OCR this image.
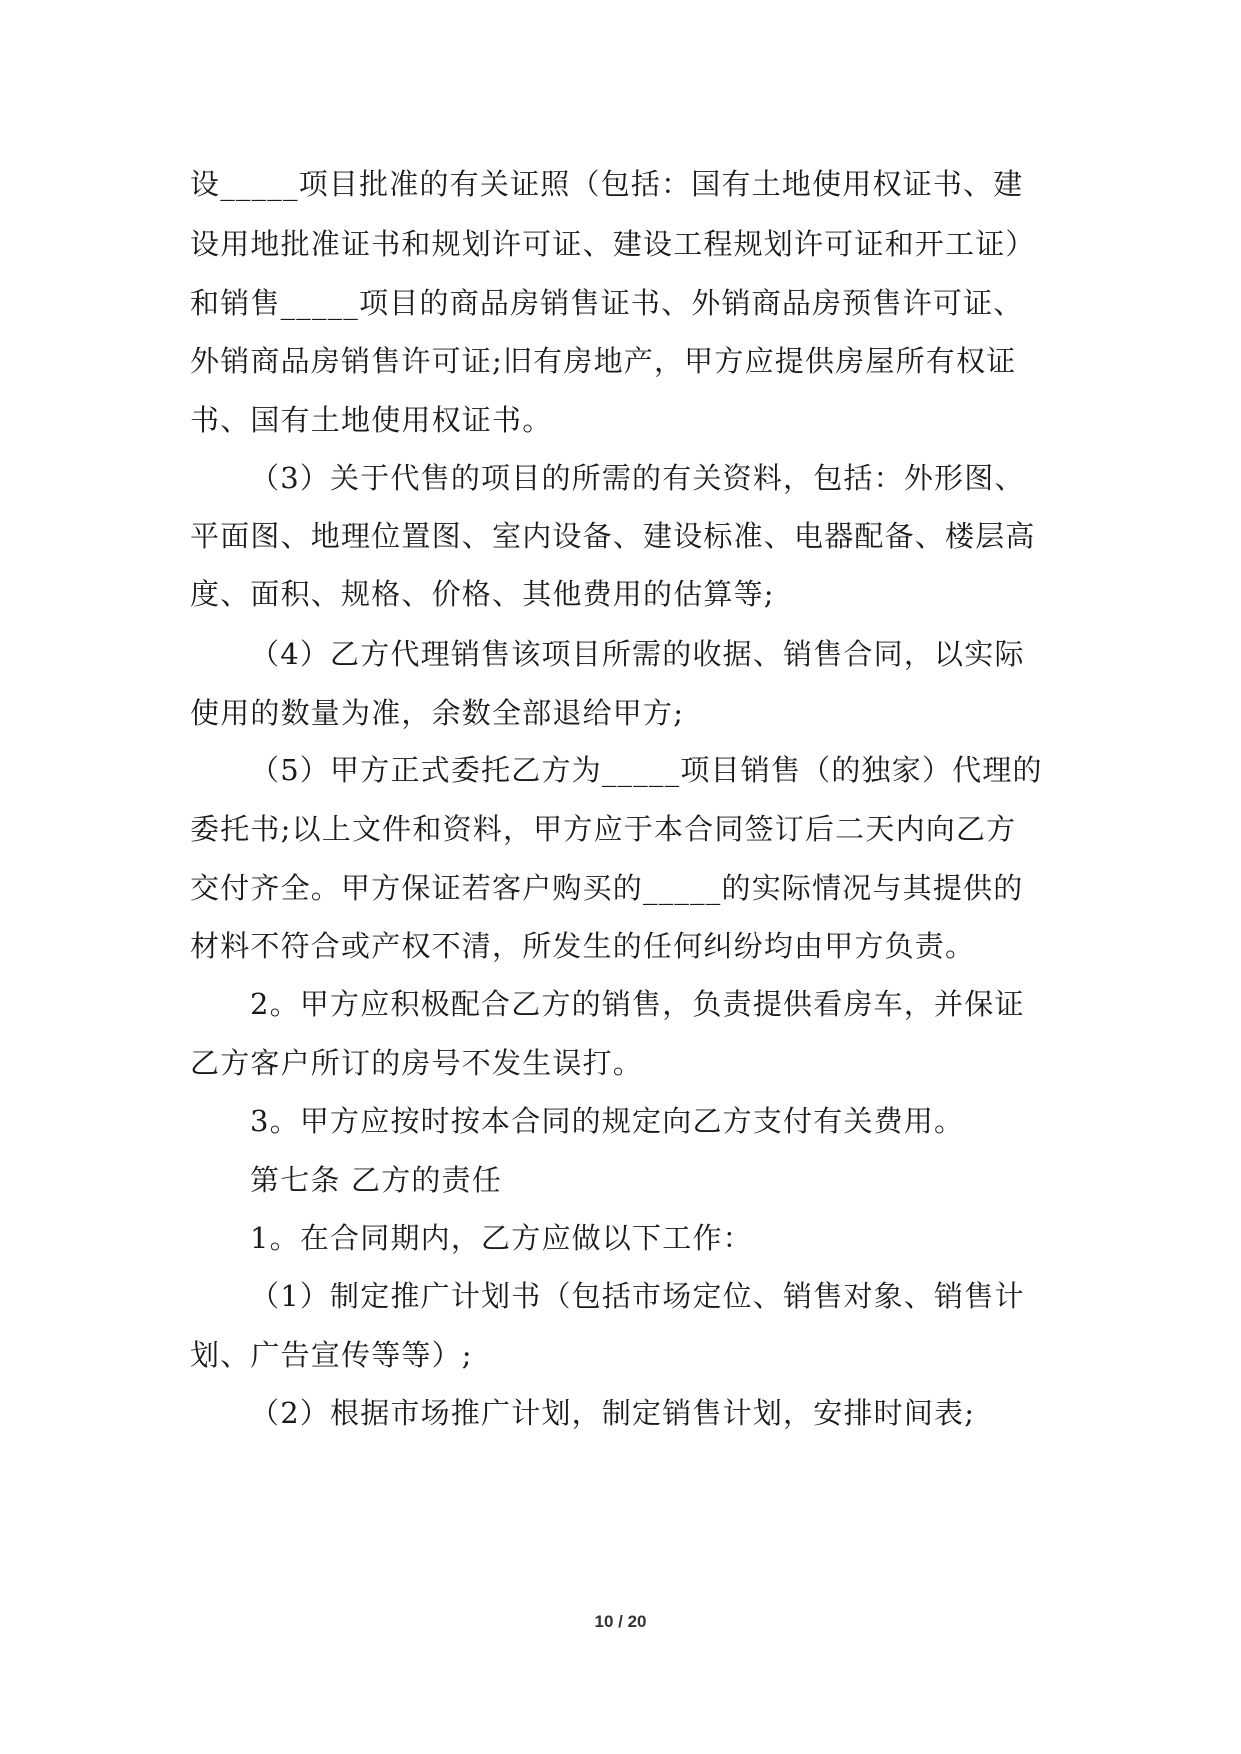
设_____项目批准的有关证照（包括：国有土地使用权证书、建
设用地批准证书和规划许可证、建设工程规划许可证和开工证）
和销售_____项目的商品房销售证书、外销商品房预售许可证、
外销商品房销售许可证;旧有房地产，甲方应提供房屋所有权证
书、国有土地使用权证书。
（3）关于代售的项目的所需的有关资料，包括：外形图、
平面图、地理位置图、室内设备、建设标准、电器配备、楼层高
度、面积、规格、价格、其他费用的估算等;
（4）乙方代理销售该项目所需的收据、销售合同，以实际
使用的数量为准，余数全部退给甲方;
（5）甲方正式委托乙方为_____项目销售（的独家）代理的
委托书;以上文件和资料，甲方应于本合同签订后二天内向乙方
交付齐全。甲方保证若客户购买的_____的实际情况与其提供的
材料不符合或产权不清，所发生的任何纠纷均由甲方负责。
2。甲方应积极配合乙方的销售，负责提供看房车，并保证
乙方客户所订的房号不发生误打。
3。甲方应按时按本合同的规定向乙方支付有关费用。
第七条 乙方的责任
1。在合同期内，乙方应做以下工作：
（1）制定推广计划书（包括市场定位、销售对象、销售计
划、广告宣传等等）;
（2）根据市场推广计划，制定销售计划，安排时间表;
10 / 20
